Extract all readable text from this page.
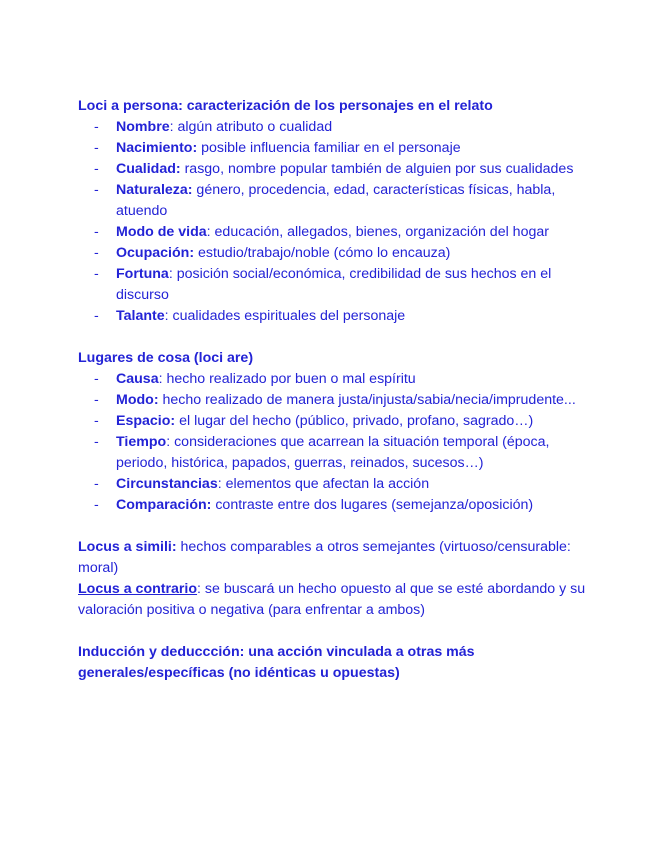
Loci a persona: caracterización de los personajes en el relato

- Nombre: algún atributo o cualidad
- Nacimiento: posible influencia familiar en el personaje
- Cualidad: rasgo, nombre popular también de alguien por sus cualidades
- Naturaleza: género, procedencia, edad, características físicas, habla, atuendo
- Modo de vida: educación, allegados, bienes, organización del hogar
- Ocupación: estudio/trabajo/noble (cómo lo encauza)
- Fortuna: posición social/económica, credibilidad de sus hechos en el discurso
- Talante: cualidades espirituales del personaje

Lugares de cosa (loci are)

- Causa: hecho realizado por buen o mal espíritu
- Modo: hecho realizado de manera justa/injusta/sabia/necia/imprudente...
- Espacio: el lugar del hecho (público, privado, profano, sagrado…)
- Tiempo: consideraciones que acarrean la situación temporal (época, periodo, histórica, papados, guerras, reinados, sucesos…)
- Circunstancias: elementos que afectan la acción
- Comparación: contraste entre dos lugares (semejanza/oposición)

Locus a simili: hechos comparables a otros semejantes (virtuoso/censurable: moral)

Locus a contrario: se buscará un hecho opuesto al que se esté abordando y su valoración positiva o negativa (para enfrentar a ambos)

Inducción y deduccción: una acción vinculada a otras más generales/específicas (no idénticas u opuestas)
